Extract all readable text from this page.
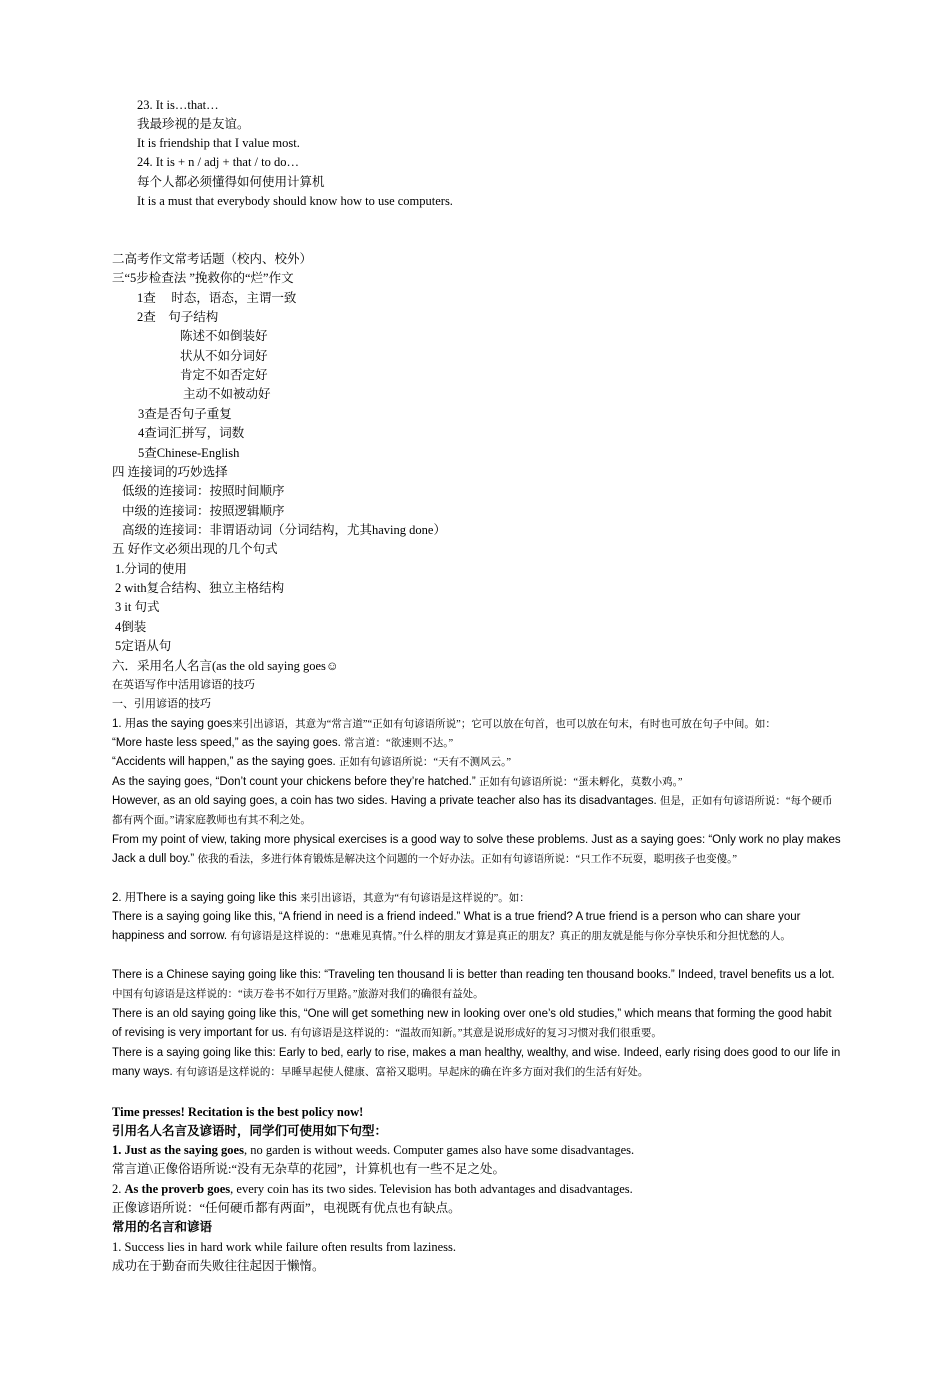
23. It is…that…
我最珍视的是友谊。
It is friendship that I value most.
24. It is + n / adj + that / to do…
每个人都必须懂得如何使用计算机
It is a must that everybody should know how to use computers.
二高考作文常考话题（校内、校外）
三“5步检查法 ”挽救你的“烂”作文
1查　 时态，语态，主谓一致
2查　句子结构
陈述不如倒装好
状从不如分词好
肯定不如否定好
主动不如被动好
3查是否句子重复
4查词汇拼写，词数
5查Chinese-English
四 连接词的巧妙选择
低级的连接词：按照时间顺序
中级的连接词：按照逻辑顺序
高级的连接词：非谓语动词（分词结构，尤其having done）
五 好作文必须出现的几个句式
1.分词的使用
2 with复合结构、独立主格结构
3 it 句式
4倒装
5定语从句
六．采用名人名言(as the old saying goes☺
在英语写作中活用谚语的技巧
一、引用谚语的技巧
1. 用as the saying goes来引出谚语，其意为“常言道”“正如有句谚语所说”；它可以放在句首，也可以放在句末，有时也可放在句子中间。如：
“More haste less speed,” as the saying goes. 常言道：“欲速则不达。”
“Accidents will happen,” as the saying goes. 正如有句谚语所说：“天有不测风云。”
As the saying goes, “Don’t count your chickens before they’re hatched.” 正如有句谚语所说：“蛋未孵化，莫数小鸡。”
However, as an old saying goes, a coin has two sides. Having a private teacher also has its disadvantages. 但是，正如有句谚语所说：“每个硬币都有两个面。”请家庭教师也有其不利之处。
From my point of view, taking more physical exercises is a good way to solve these problems. Just as a saying goes: “Only work no play makes Jack a dull boy.” 依我的看法，多进行体育锻炼是解决这个问题的一个好办法。正如有句谚语所说：“只工作不玩耍，聪明孩子也变傻。”
2. 用There is a saying going like this 来引出谚语，其意为“有句谚语是这样说的”。如：
There is a saying going like this, “A friend in need is a friend indeed.” What is a true friend? A true friend is a person who can share your happiness and sorrow. 有句谚语是这样说的：“患难见真情。”什么样的朋友才算是真正的朋友？真正的朋友就是能与你分享快乐和分担忧愁的人。
There is a Chinese saying going like this: “Traveling ten thousand li is better than reading ten thousand books.” Indeed, travel benefits us a lot. 中国有句谚语是这样说的：“读万卷书不如行万里路。”旅游对我们的确很有益处。
There is an old saying going like this, “One will get something new in looking over one’s old studies,” which means that forming the good habit of revising is very important for us. 有句谚语是这样说的：“温故而知新。”其意是说形成好的复习习惯对我们很重要。
There is a saying going like this: Early to bed, early to rise, makes a man healthy, wealthy, and wise. Indeed, early rising does good to our life in many ways. 有句谚语是这样说的：早睡早起使人健康、富裕又聪明。早起床的确在许多方面对我们的生活有好处。
Time presses! Recitation is the best policy now!
引用名人名言及谚语时，同学们可使用如下句型：
1. Just as the saying goes, no garden is without weeds. Computer games also have some disadvantages.
常言道\正像俗语所说:“没有无杂草的花园”，计算机也有一些不足之处。
2. As the proverb goes, every coin has its two sides. Television has both advantages and disadvantages.
正像谚语所说：“任何硬币都有两面”，电视既有优点也有缺点。
常用的名言和谚语
1. Success lies in hard work while failure often results from laziness.
成功在于勤奋而失败往往起因于懒惰。
